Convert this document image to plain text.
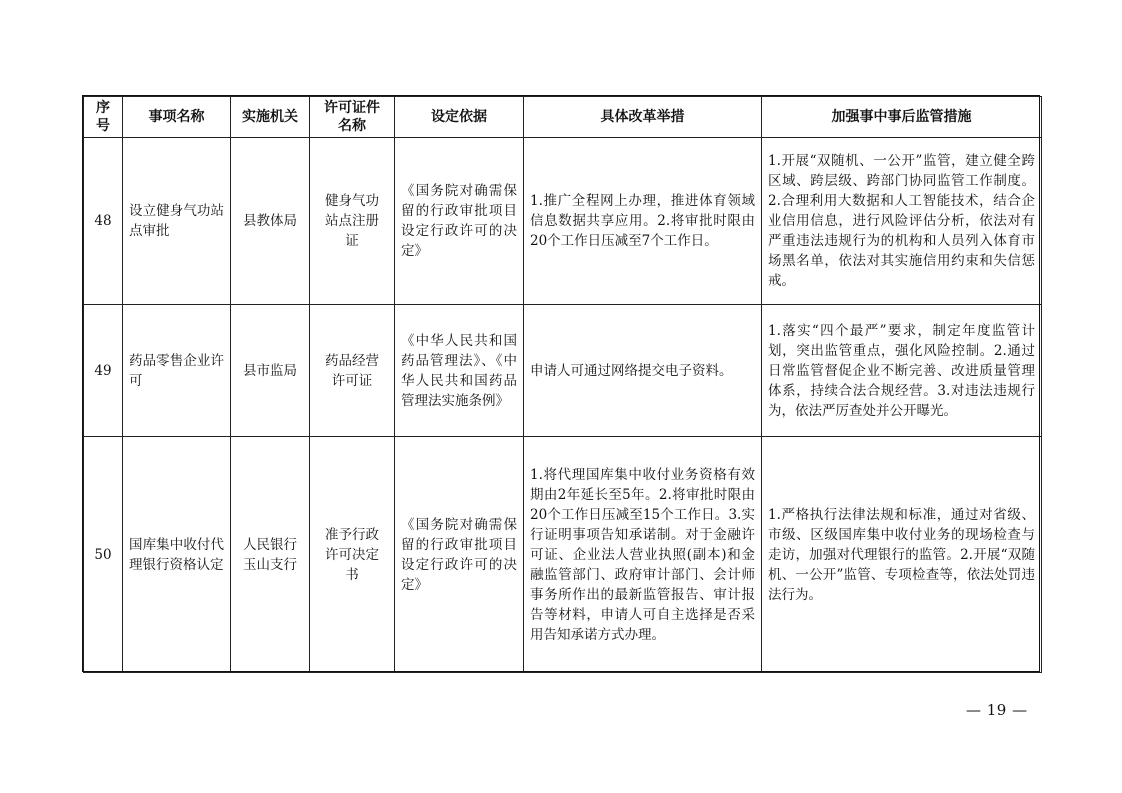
序号	事项名称	实施机关	许可证件名称	设定依据	具体改革举措	加强事中事后监管措施
48	设立健身气功站点审批	县教体局	健身气功站点注册证	《国务院对确需保留的行政审批项目设定行政许可的决定》	1.推广全程网上办理，推进体育领域信息数据共享应用。2.将审批时限由20个工作日压减至7个工作日。	1.开展“双随机、一公开”监管，建立健全跨区域、跨层级、跨部门协同监管工作制度。2.合理利用大数据和人工智能技术，结合企业信用信息，进行风险评估分析，依法对有严重违法违规行为的机构和人员列入体育市场黑名单，依法对其实施信用约束和失信惩戒。
49	药品零售企业许可	县市监局	药品经营许可证	《中华人民共和国药品管理法》、《中华人民共和国药品管理法实施条例》	申请人可通过网络提交电子资料。	1.落实“四个最严”要求，制定年度监管计划，突出监管重点，强化风险控制。2.通过日常监管督促企业不断完善、改进质量管理体系，持续合法合规经营。3.对违法违规行为，依法严厉查处并公开曝光。
50	国库集中收付代理银行资格认定	人民银行玉山支行	准予行政许可决定书	《国务院对确需保留的行政审批项目设定行政许可的决定》	1.将代理国库集中收付业务资格有效期由2年延长至5年。2.将审批时限由20个工作日压减至15个工作日。3.实行证明事项告知承诺制。对于金融许可证、企业法人营业执照(副本)和金融监管部门、政府审计部门、会计师事务所作出的最新监管报告、审计报告等材料，申请人可自主选择是否采用告知承诺方式办理。	1.严格执行法律法规和标准，通过对省级、市级、区级国库集中收付业务的现场检查与走访，加强对代理银行的监管。2.开展“双随机、一公开”监管、专项检查等，依法处罚违法行为。
— 19 —
